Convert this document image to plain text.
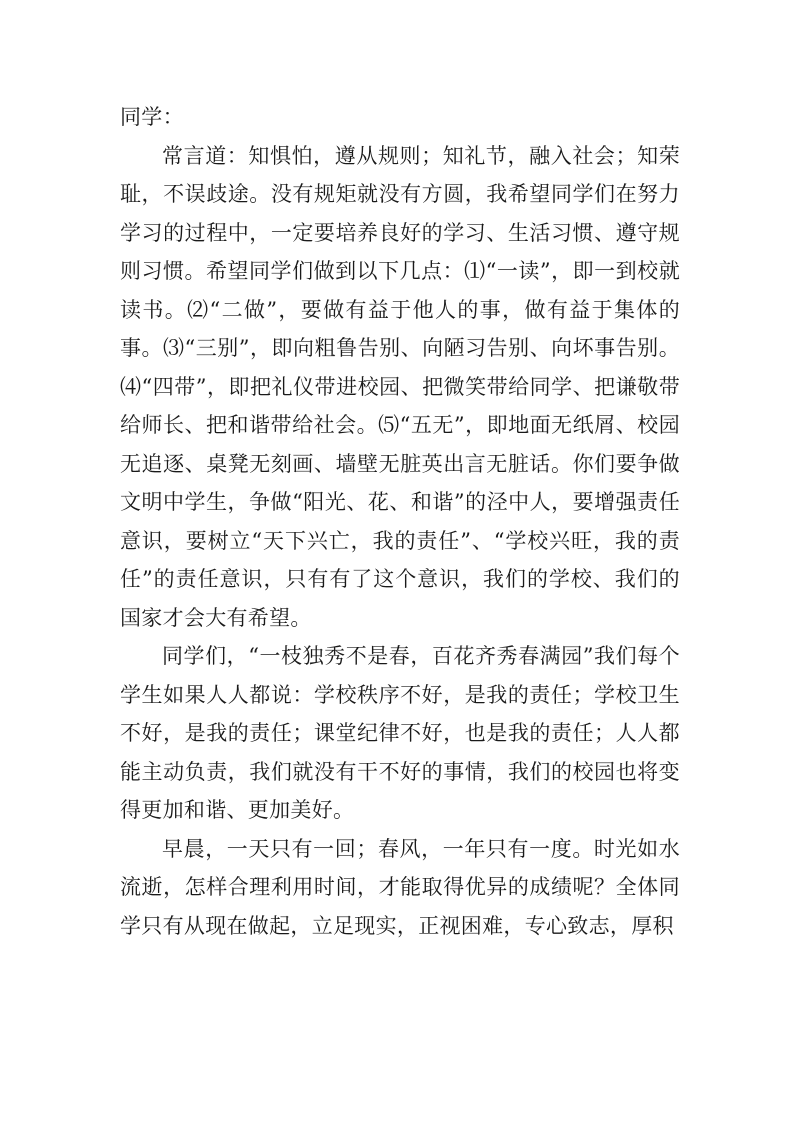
同学：

常言道：知惧怕，遵从规则；知礼节，融入社会；知荣耻，不误歧途。没有规矩就没有方圆，我希望同学们在努力学习的过程中，一定要培养良好的学习、生活习惯、遵守规则习惯。希望同学们做到以下几点：⑴“一读”，即一到校就读书。⑵“二做”，要做有益于他人的事，做有益于集体的事。⑶“三别”，即向粗鲁告别、向陋习告别、向坏事告别。⑷“四带”，即把礼仪带进校园、把微笑带给同学、把谦敬带给师长、把和谐带给社会。⑸“五无”，即地面无纸屑、校园无追逐、桌凳无刻画、墙壁无脏英出言无脏话。你们要争做文明中学生，争做“阳光、花、和谐”的泾中人，要增强责任意识，要树立“天下兴亡，我的责任”、“学校兴旺，我的责任”的责任意识，只有有了这个意识，我们的学校、我们的国家才会大有希望。

同学们，“一枝独秀不是春，百花齐秀春满园”我们每个学生如果人人都说：学校秩序不好，是我的责任；学校卫生不好，是我的责任；课堂纪律不好，也是我的责任；人人都能主动负责，我们就没有干不好的事情，我们的校园也将变得更加和谐、更加美好。

早晨，一天只有一回；春风，一年只有一度。时光如水流逝，怎样合理利用时间，才能取得优异的成绩呢？全体同学只有从现在做起，立足现实，正视困难，专心致志，厚积
